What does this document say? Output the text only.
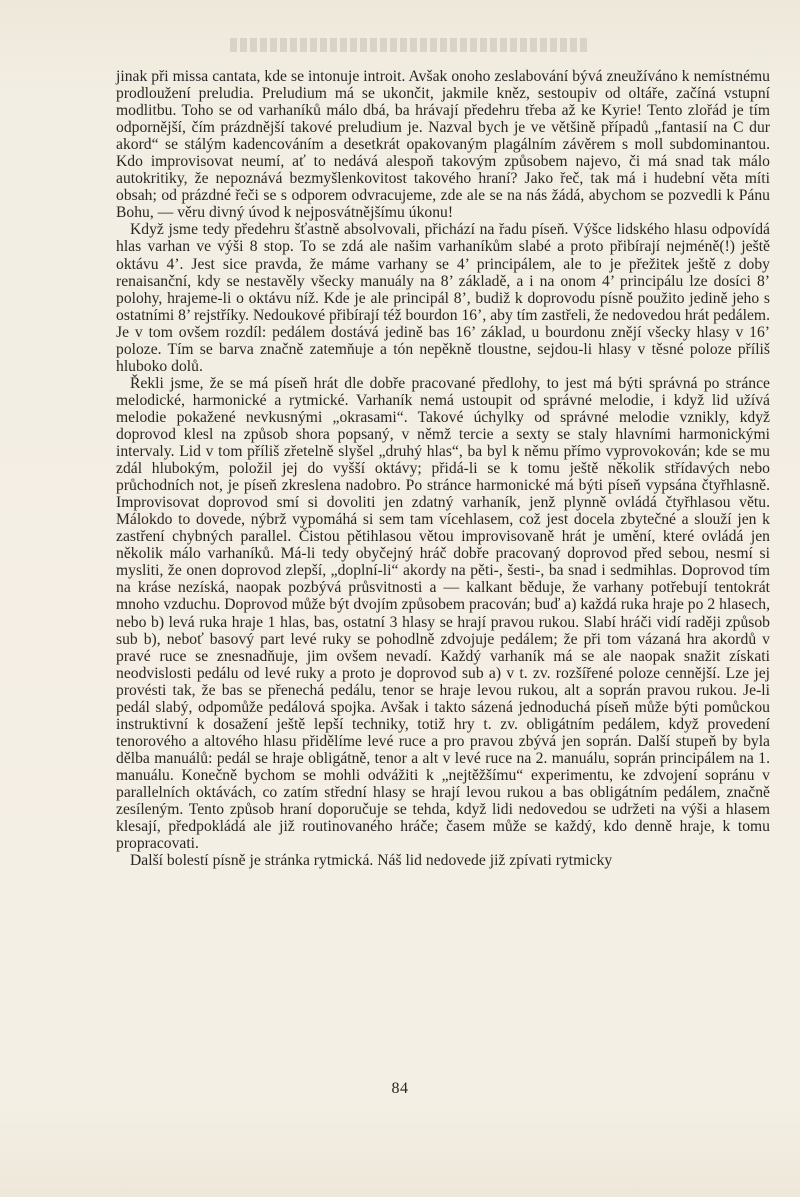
jinak při missa cantata, kde se intonuje introit. Avšak onoho zeslabování bývá zneužíváno k nemístnému prodloužení preludia. Preludium má se ukončit, jakmile kněz, sestoupiv od oltáře, začíná vstupní modlitbu. Toho se od varhaníků málo dbá, ba hrávají předehru třeba až ke Kyrie! Tento zlořád je tím odpornější, čím prázdnější takové preludium je. Nazval bych je ve většině případů „fantasií na C dur akord“ se stálým kadencováním a desetkrát opakovaným plagálním závěrem s moll subdominantou. Kdo improvisovat neumí, ať to nedává alespoň takovým způsobem najevo, či má snad tak málo autokritiky, že nepoznává bezmyšlenkovitost takového hraní? Jako řeč, tak má i hudební věta míti obsah; od prázdné řeči se s odporem odvracujeme, zde ale se na nás žádá, abychom se pozvedli k Pánu Bohu, — věru divný úvod k nejposvátnějšímu úkonu!

Když jsme tedy předehru šťastně absolvovali, přichází na řadu píseň. Výšce lidského hlasu odpovídá hlas varhan ve výši 8 stop. To se zdá ale našim varhaníkům slabé a proto přibírají nejméně(!) ještě oktávu 4’. Jest sice pravda, že máme varhany se 4’ principálem, ale to je přežitek ještě z doby renaisanční, kdy se nestavěly všecky manuály na 8’ základě, a i na onom 4’ principálu lze dosíci 8’ polohy, hrajeme-li o oktávu níž. Kde je ale principál 8’, budiž k doprovodu písně použito jedině jeho s ostatními 8’ rejstříky. Nedoukové přibírají též bourdon 16’, aby tím zastřeli, že nedovedou hrát pedálem. Je v tom ovšem rozdíl: pedálem dostává jedině bas 16’ základ, u bourdonu znějí všecky hlasy v 16’ poloze. Tím se barva značně zatemňuje a tón nepěkně tloustne, sejdou-li hlasy v těsné poloze příliš hluboko dolů.

Řekli jsme, že se má píseň hrát dle dobře pracované předlohy, to jest má býti správná po stránce melodické, harmonické a rytmické. Varhaník nemá ustoupit od správné melodie, i když lid užívá melodie pokažené nevkusnými „okrasami“. Takové úchylky od správné melodie vznikly, když doprovod klesl na způsob shora popsaný, v němž tercie a sexty se staly hlavními harmonickými intervaly. Lid v tom příliš zřetelně slyšel „druhý hlas“, ba byl k němu přímo vyprovokován; kde se mu zdál hlubokým, položil jej do vyšší oktávy; přidá-li se k tomu ještě několik střídavých nebo průchodních not, je píseň zkreslena nadobro. Po stránce harmonické má býti píseň vypsána čtyřhlasně. Improvisovat doprovod smí si dovoliti jen zdatný varhaník, jenž plynně ovládá čtyřhlasou větu. Málokdo to dovede, nýbrž vypomáhá si sem tam vícehlasem, což jest docela zbytečné a slouží jen k zastření chybných parallel. Čistou pětihlasou větou improvisovaně hrát je umění, které ovládá jen několik málo varhaníků. Má-li tedy obyčejný hráč dobře pracovaný doprovod před sebou, nesmí si mysliti, že onen doprovod zlepší, „doplní-li“ akordy na pěti-, šesti-, ba snad i sedmihlas. Doprovod tím na kráse nezíská, naopak pozbývá průsvitnosti a — kalkant běduje, že varhany potřebují tentokrát mnoho vzduchu. Doprovod může být dvojím způsobem pracován; buď a) každá ruka hraje po 2 hlasech, nebo b) levá ruka hraje 1 hlas, bas, ostatní 3 hlasy se hrají pravou rukou. Slabí hráči vidí raději způsob sub b), neboť basový part levé ruky se pohodlně zdvojuje pedálem; že při tom vázaná hra akordů v pravé ruce se znesnadňuje, jim ovšem nevadí. Každý varhaník má se ale naopak snažit získati neodvislosti pedálu od levé ruky a proto je doprovod sub a) v t. zv. rozšířené poloze cennější. Lze jej provésti tak, že bas se přenechá pedálu, tenor se hraje levou rukou, alt a soprán pravou rukou. Je-li pedál slabý, odpomůže pedálová spojka. Avšak i takto sázená jednoduchá píseň může býti pomůckou instruktivní k dosažení ještě lepší techniky, totiž hry t. zv. obligátním pedálem, když provedení tenorového a altového hlasu přidělíme levé ruce a pro pravou zbývá jen soprán. Další stupeň by byla dělba manuálů: pedál se hraje obligátně, tenor a alt v levé ruce na 2. manuálu, soprán principálem na 1. manuálu. Konečně bychom se mohli odvážiti k „nejtěžšímu“ experimentu, ke zdvojení sopránu v parallelních oktávách, co zatím střední hlasy se hrají levou rukou a bas obligátním pedálem, značně zesíleným. Tento způsob hraní doporučuje se tehda, když lidi nedovedou se udržeti na výši a hlasem klesají, předpokládá ale již routinovaného hráče; časem může se každý, kdo denně hraje, k tomu propracovati.

Další bolestí písně je stránka rytmická. Náš lid nedovede již zpívati rytmicky

84
